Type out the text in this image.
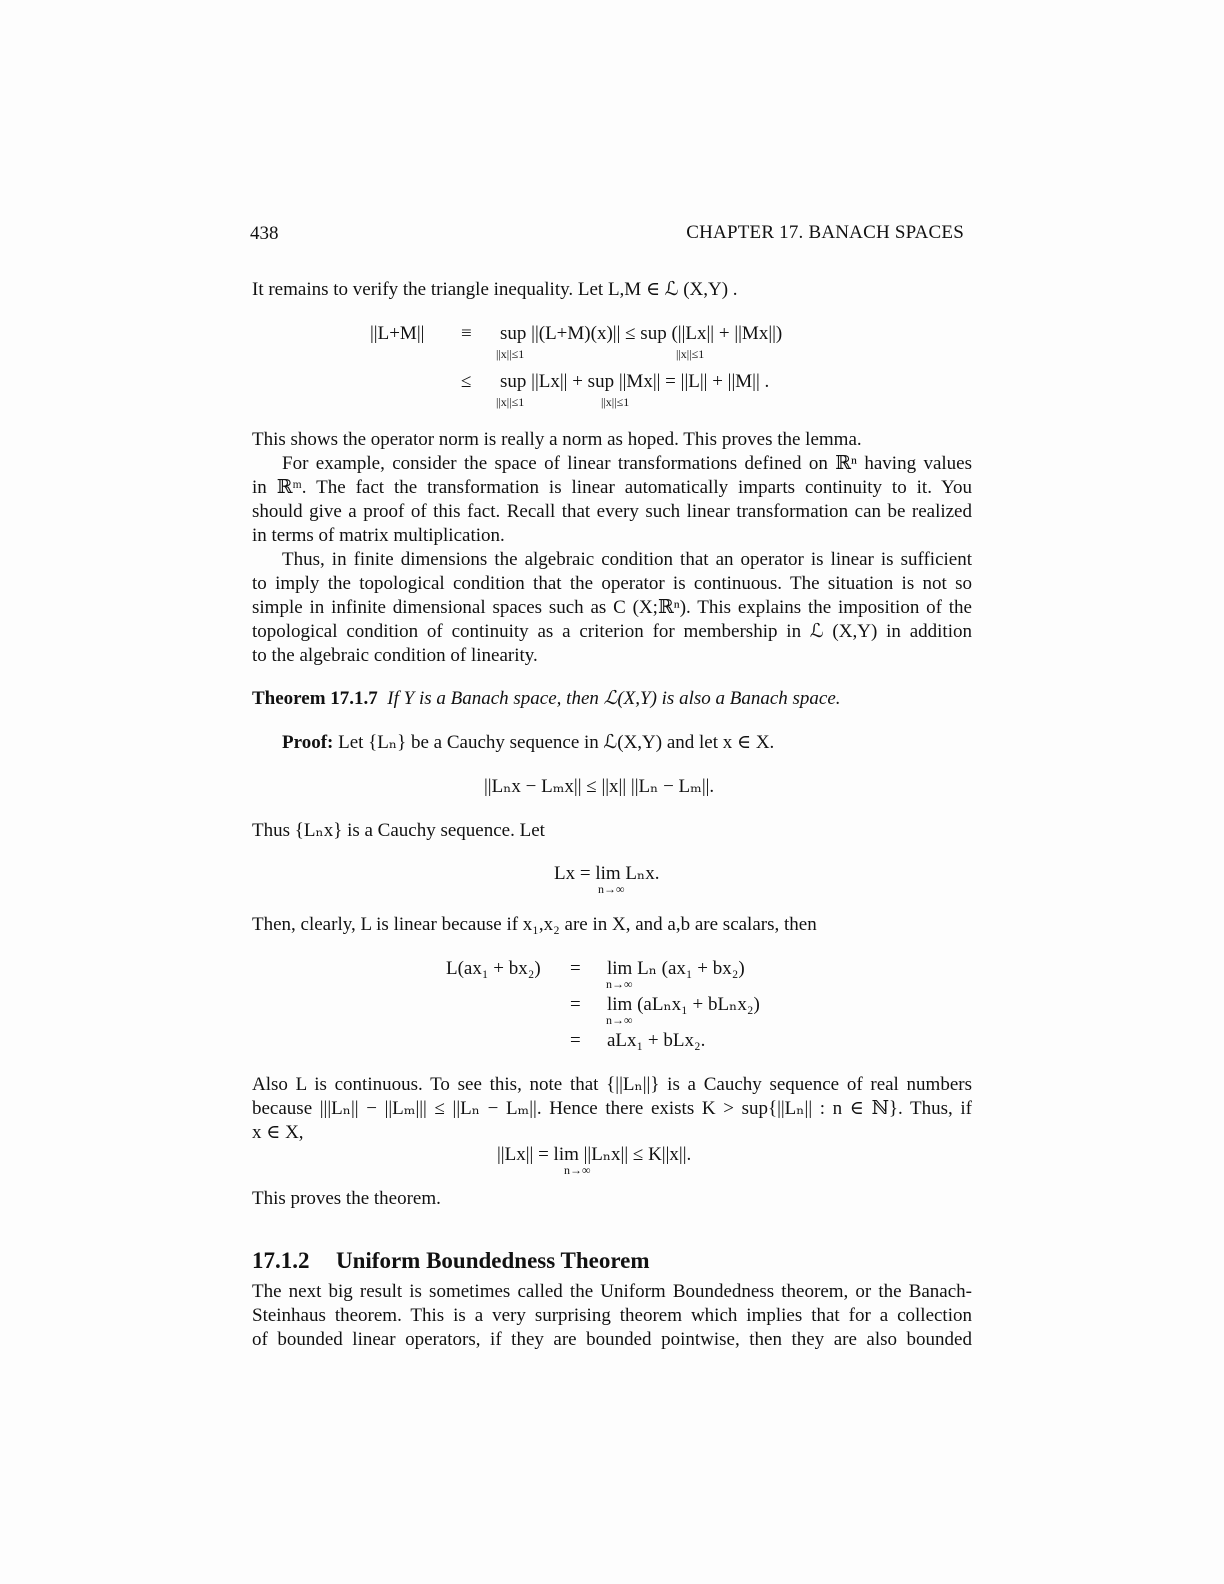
438	CHAPTER 17. BANACH SPACES
It remains to verify the triangle inequality. Let L,M ∈ ℒ (X,Y) .
||L+M|| ≡ sup ||(L+M)(x)|| ≤ sup (||Lx|| + ||Mx||)
||x||≤1	||x||≤1
≤ sup ||Lx|| + sup ||Mx|| = ||L|| + ||M|| .
||x||≤1	||x||≤1
This shows the operator norm is really a norm as hoped. This proves the lemma.
For example, consider the space of linear transformations defined on ℝⁿ having values
in ℝᵐ. The fact the transformation is linear automatically imparts continuity to it. You
should give a proof of this fact. Recall that every such linear transformation can be realized
in terms of matrix multiplication.
Thus, in finite dimensions the algebraic condition that an operator is linear is sufficient
to imply the topological condition that the operator is continuous. The situation is not so
simple in infinite dimensional spaces such as C (X;ℝⁿ). This explains the imposition of the
topological condition of continuity as a criterion for membership in ℒ (X,Y) in addition
to the algebraic condition of linearity.
Theorem 17.1.7 If Y is a Banach space, then ℒ(X,Y) is also a Banach space.
Proof: Let {Lₙ} be a Cauchy sequence in ℒ(X,Y) and let x ∈ X.
||Lₙx − Lₘx|| ≤ ||x|| ||Lₙ − Lₘ||.
Thus {Lₙx} is a Cauchy sequence. Let
Lx = lim Lₙx.
n→∞
Then, clearly, L is linear because if x₁,x₂ are in X, and a,b are scalars, then
L(ax₁ + bx₂) = lim Lₙ (ax₁ + bx₂)
n→∞
= lim (aLₙx₁ + bLₙx₂)
n→∞
= aLx₁ + bLx₂.
Also L is continuous. To see this, note that {||Lₙ||} is a Cauchy sequence of real numbers
because |||Lₙ|| − ||Lₘ||| ≤ ||Lₙ − Lₘ||. Hence there exists K > sup{||Lₙ|| : n ∈ ℕ}. Thus, if
x ∈ X,
||Lx|| = lim ||Lₙx|| ≤ K||x||.
n→∞
This proves the theorem.
17.1.2 Uniform Boundedness Theorem
The next big result is sometimes called the Uniform Boundedness theorem, or the Banach-
Steinhaus theorem. This is a very surprising theorem which implies that for a collection
of bounded linear operators, if they are bounded pointwise, then they are also bounded
